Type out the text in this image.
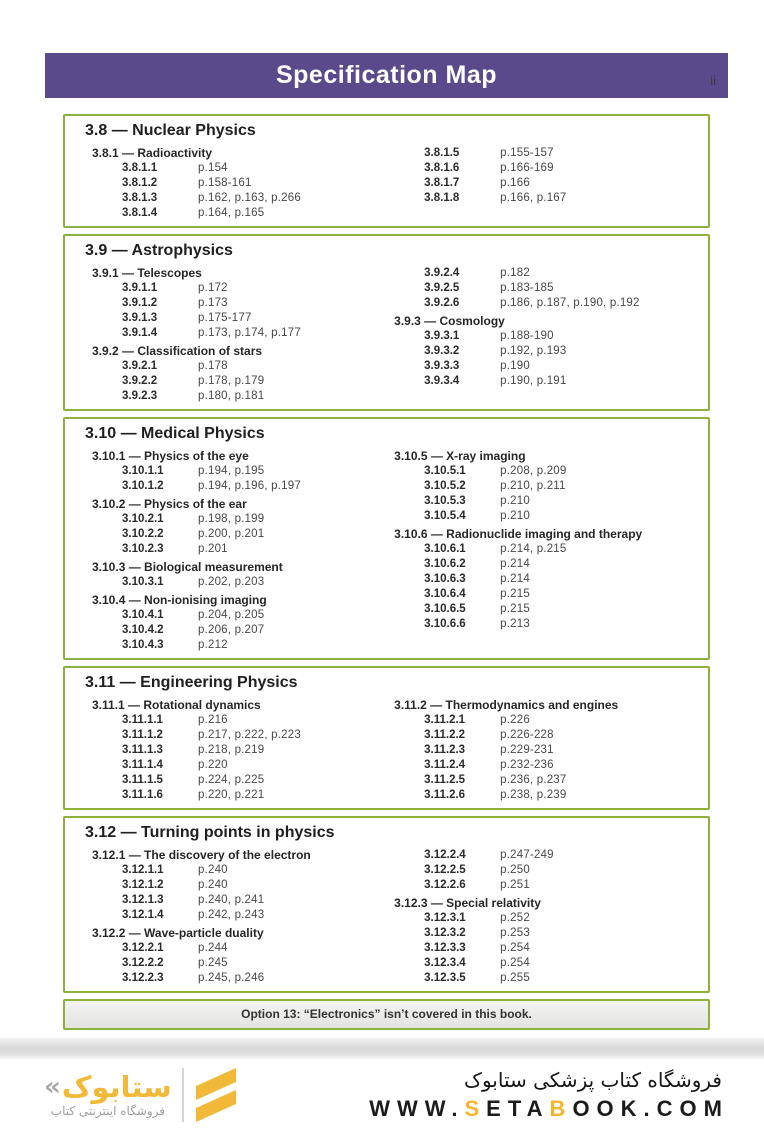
ii
Specification Map
3.8 — Nuclear Physics
3.8.1 — Radioactivity
3.8.1.1	p.154
3.8.1.2	p.158-161
3.8.1.3	p.162, p.163, p.266
3.8.1.4	p.164, p.165
3.8.1.5	p.155-157
3.8.1.6	p.166-169
3.8.1.7	p.166
3.8.1.8	p.166, p.167
3.9 — Astrophysics
3.9.1 — Telescopes
3.9.1.1	p.172
3.9.1.2	p.173
3.9.1.3	p.175-177
3.9.1.4	p.173, p.174, p.177
3.9.2 — Classification of stars
3.9.2.1	p.178
3.9.2.2	p.178, p.179
3.9.2.3	p.180, p.181
3.9.2.4	p.182
3.9.2.5	p.183-185
3.9.2.6	p.186, p.187, p.190, p.192
3.9.3 — Cosmology
3.9.3.1	p.188-190
3.9.3.2	p.192, p.193
3.9.3.3	p.190
3.9.3.4	p.190, p.191
3.10 — Medical Physics
3.10.1 — Physics of the eye
3.10.1.1	p.194, p.195
3.10.1.2	p.194, p.196, p.197
3.10.2 — Physics of the ear
3.10.2.1	p.198, p.199
3.10.2.2	p.200, p.201
3.10.2.3	p.201
3.10.3 — Biological measurement
3.10.3.1	p.202, p.203
3.10.4 — Non-ionising imaging
3.10.4.1	p.204, p.205
3.10.4.2	p.206, p.207
3.10.4.3	p.212
3.10.5 — X-ray imaging
3.10.5.1	p.208, p.209
3.10.5.2	p.210, p.211
3.10.5.3	p.210
3.10.5.4	p.210
3.10.6 — Radionuclide imaging and therapy
3.10.6.1	p.214, p.215
3.10.6.2	p.214
3.10.6.3	p.214
3.10.6.4	p.215
3.10.6.5	p.215
3.10.6.6	p.213
3.11 — Engineering Physics
3.11.1 — Rotational dynamics
3.11.1.1	p.216
3.11.1.2	p.217, p.222, p.223
3.11.1.3	p.218, p.219
3.11.1.4	p.220
3.11.1.5	p.224, p.225
3.11.1.6	p.220, p.221
3.11.2 — Thermodynamics and engines
3.11.2.1	p.226
3.11.2.2	p.226-228
3.11.2.3	p.229-231
3.11.2.4	p.232-236
3.11.2.5	p.236, p.237
3.11.2.6	p.238, p.239
3.12 — Turning points in physics
3.12.1 — The discovery of the electron
3.12.1.1	p.240
3.12.1.2	p.240
3.12.1.3	p.240, p.241
3.12.1.4	p.242, p.243
3.12.2 — Wave-particle duality
3.12.2.1	p.244
3.12.2.2	p.245
3.12.2.3	p.245, p.246
3.12.2.4	p.247-249
3.12.2.5	p.250
3.12.2.6	p.251
3.12.3 — Special relativity
3.12.3.1	p.252
3.12.3.2	p.253
3.12.3.3	p.254
3.12.3.4	p.254
3.12.3.5	p.255
Option 13: “Electronics” isn’t covered in this book.
«ستابوک
فروشگاه اینترنتی کتاب
فروشگاه کتاب پزشکی ستابوک
WWW.SETABOOK.COM
